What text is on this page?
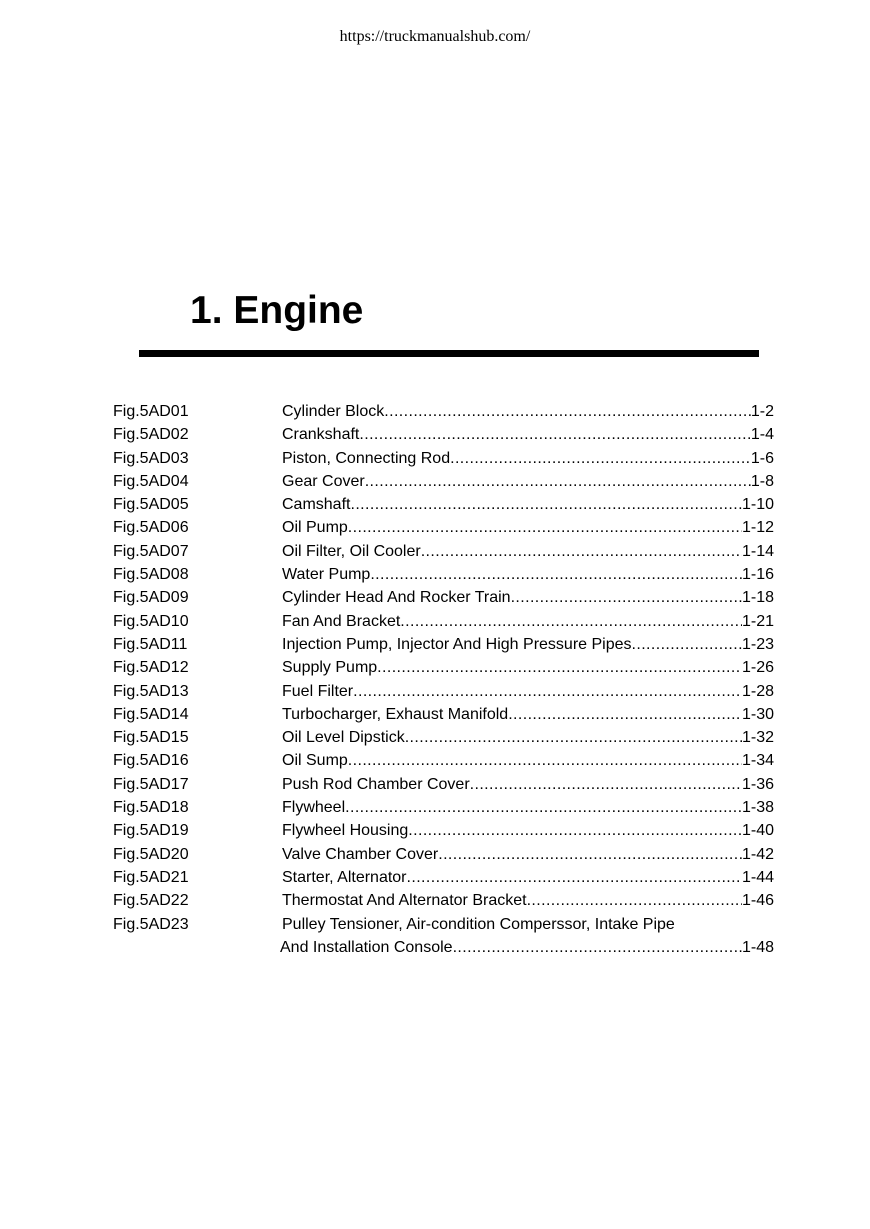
https://truckmanualshub.com/
1. Engine
Fig.5AD01	Cylinder Block .....	1-2
Fig.5AD02	Crankshaft .....	1-4
Fig.5AD03	Piston, Connecting Rod .....	1-6
Fig.5AD04	Gear Cover .....	1-8
Fig.5AD05	Camshaft .....	1-10
Fig.5AD06	Oil Pump .....	1-12
Fig.5AD07	Oil Filter, Oil Cooler .....	1-14
Fig.5AD08	Water Pump .....	1-16
Fig.5AD09	Cylinder Head And Rocker Train .....	1-18
Fig.5AD10	Fan And Bracket .....	1-21
Fig.5AD11	Injection Pump, Injector And High Pressure Pipes .....	1-23
Fig.5AD12	Supply Pump .....	1-26
Fig.5AD13	Fuel Filter .....	1-28
Fig.5AD14	Turbocharger, Exhaust Manifold .....	1-30
Fig.5AD15	Oil Level Dipstick .....	1-32
Fig.5AD16	Oil Sump .....	1-34
Fig.5AD17	Push Rod Chamber Cover .....	1-36
Fig.5AD18	Flywheel .....	1-38
Fig.5AD19	Flywheel Housing .....	1-40
Fig.5AD20	Valve Chamber Cover .....	1-42
Fig.5AD21	Starter, Alternator .....	1-44
Fig.5AD22	Thermostat And Alternator Bracket .....	1-46
Fig.5AD23	Pulley Tensioner, Air-condition Comperssor, Intake Pipe
And Installation Console .....	1-48
